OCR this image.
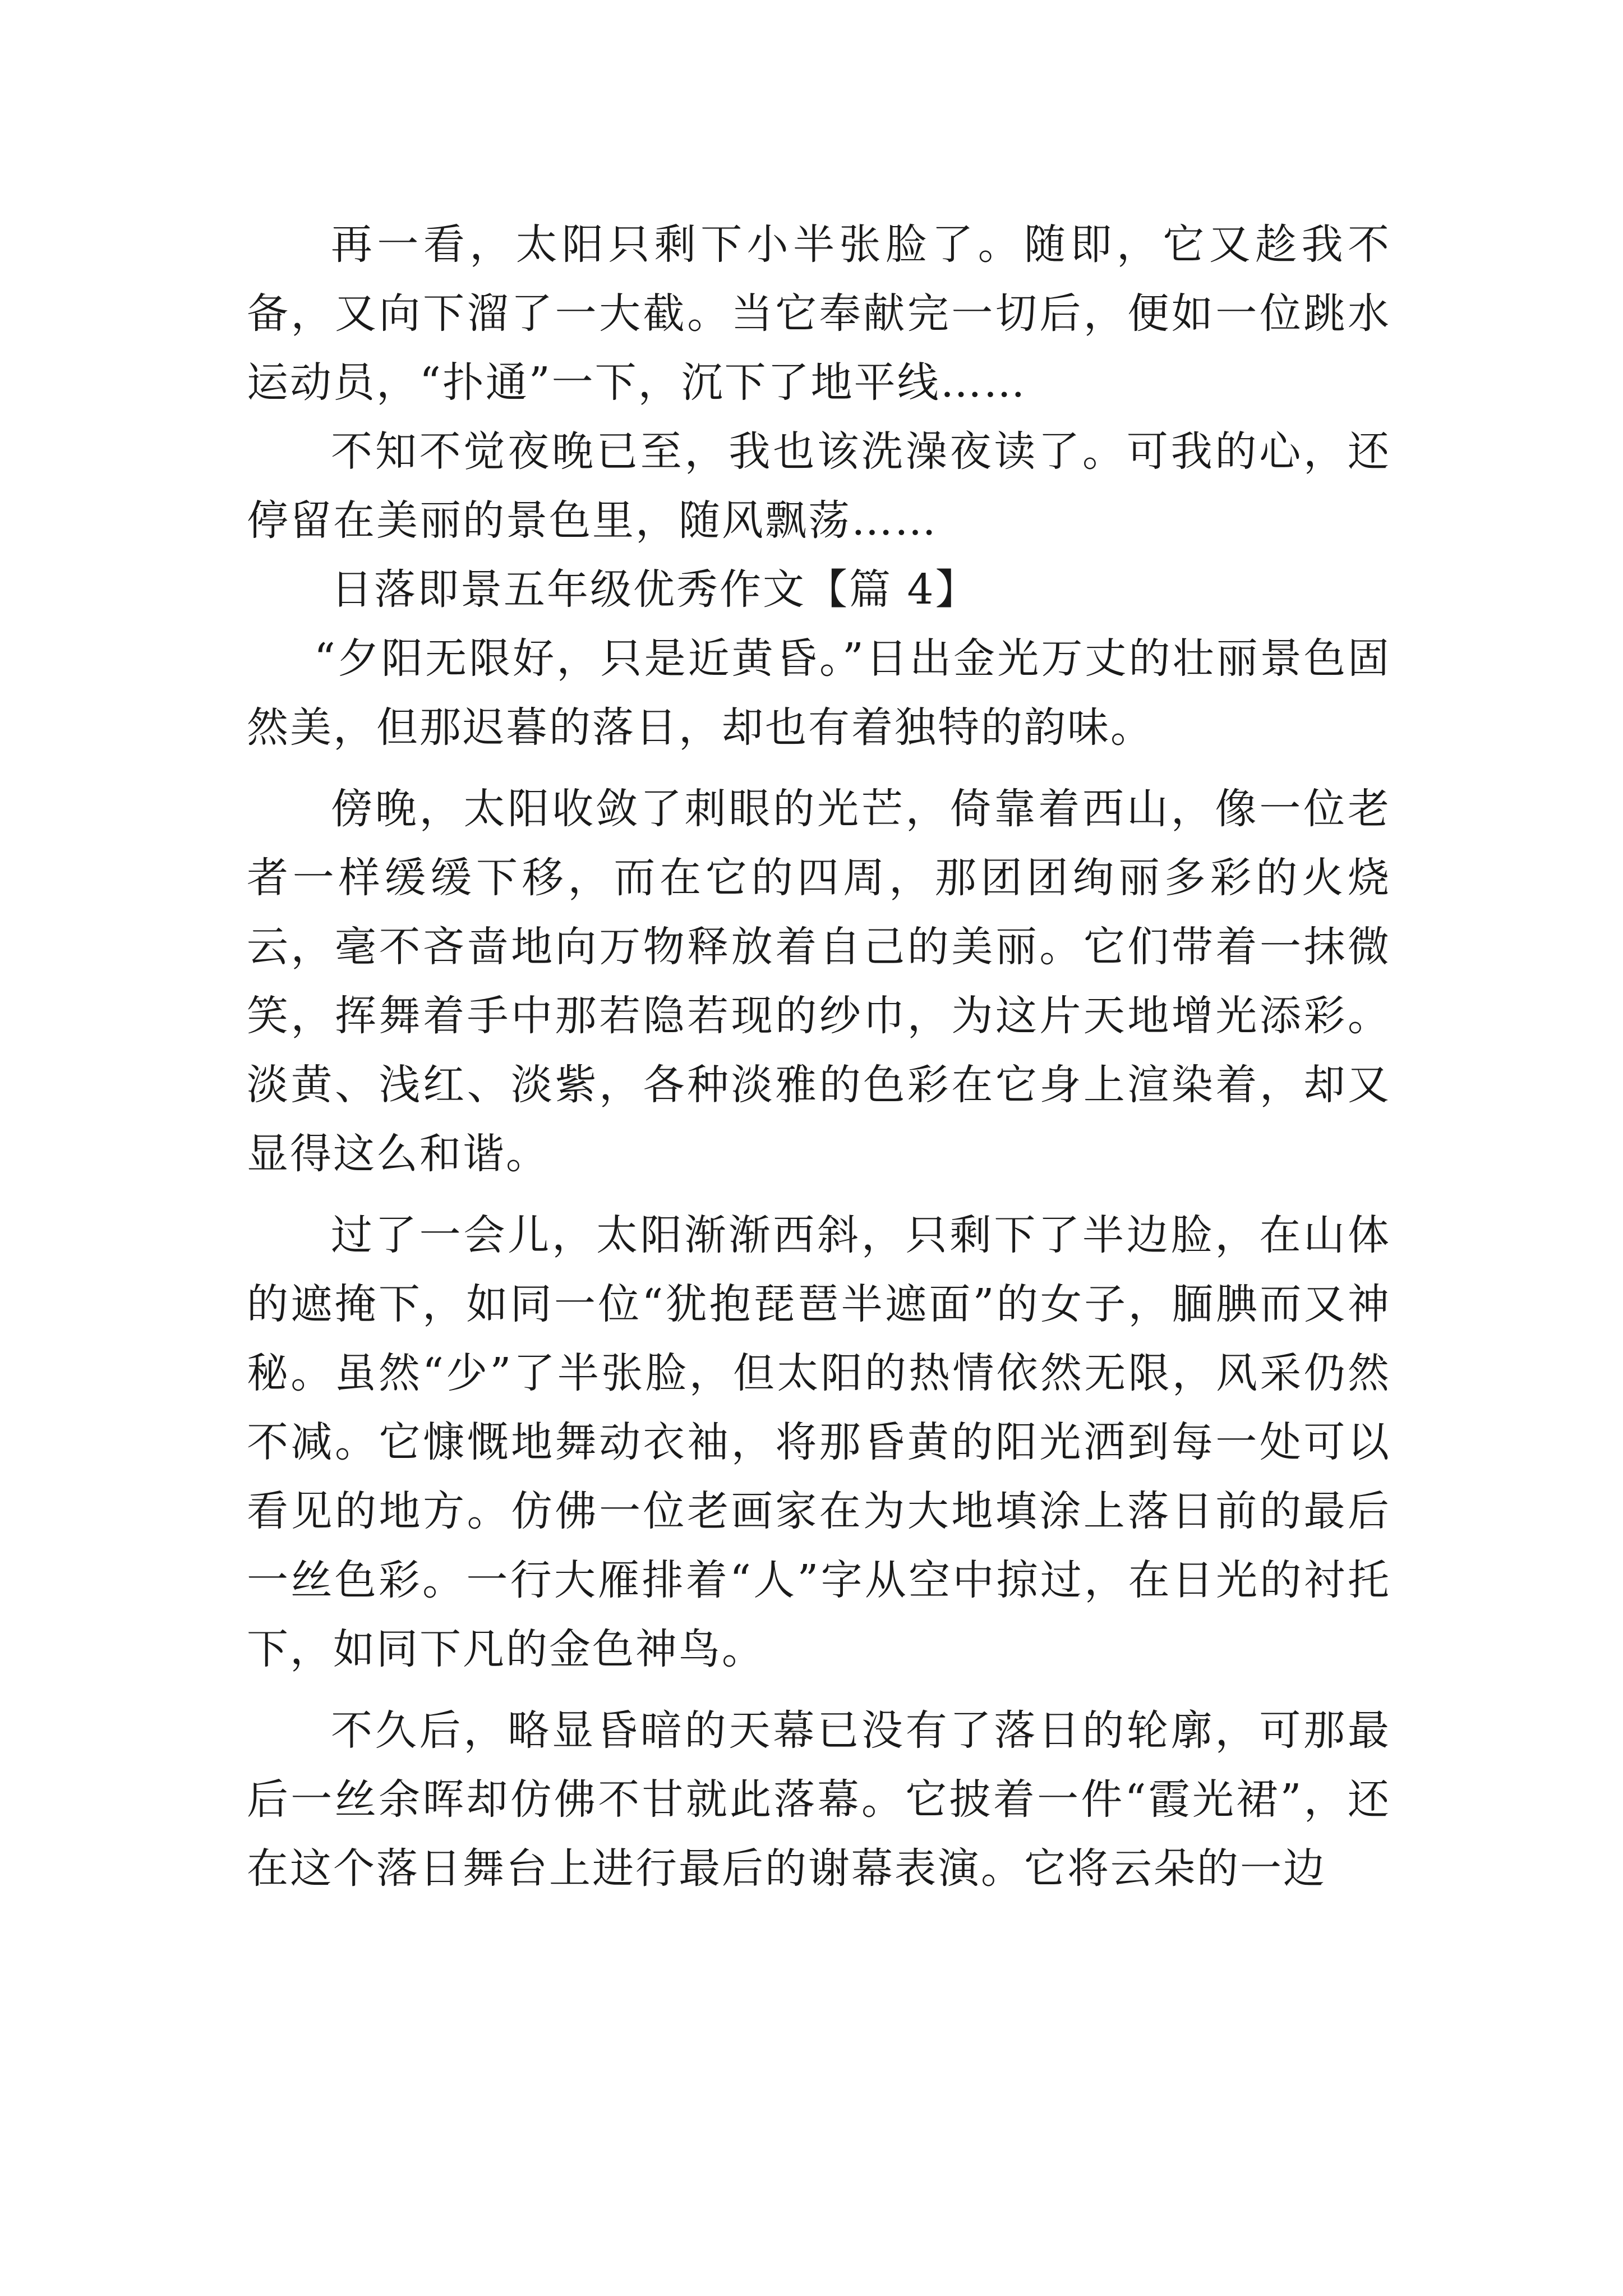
再一看，太阳只剩下小半张脸了。随即，它又趁我不备，又向下溜了一大截。当它奉献完一切后，便如一位跳水运动员，“扑通”一下，沉下了地平线……

不知不觉夜晚已至，我也该洗澡夜读了。可我的心，还停留在美丽的景色里，随风飘荡……

日落即景五年级优秀作文【篇 4】

“夕阳无限好，只是近黄昏。”日出金光万丈的壮丽景色固然美，但那迟暮的落日，却也有着独特的韵味。

傍晚，太阳收敛了刺眼的光芒，倚靠着西山，像一位老者一样缓缓下移，而在它的四周，那团团绚丽多彩的火烧云，毫不吝啬地向万物释放着自己的美丽。它们带着一抹微笑，挥舞着手中那若隐若现的纱巾，为这片天地增光添彩。淡黄、浅红、淡紫，各种淡雅的色彩在它身上渲染着，却又显得这么和谐。

过了一会儿，太阳渐渐西斜，只剩下了半边脸，在山体的遮掩下，如同一位“犹抱琵琶半遮面”的女子，腼腆而又神秘。虽然“少”了半张脸，但太阳的热情依然无限，风采仍然不减。它慷慨地舞动衣袖，将那昏黄的阳光洒到每一处可以看见的地方。仿佛一位老画家在为大地填涂上落日前的最后一丝色彩。一行大雁排着“人”字从空中掠过，在日光的衬托下，如同下凡的金色神鸟。

不久后，略显昏暗的天幕已没有了落日的轮廓，可那最后一丝余晖却仿佛不甘就此落幕。它披着一件“霞光裙”，还在这个落日舞台上进行最后的谢幕表演。它将云朵的一边
